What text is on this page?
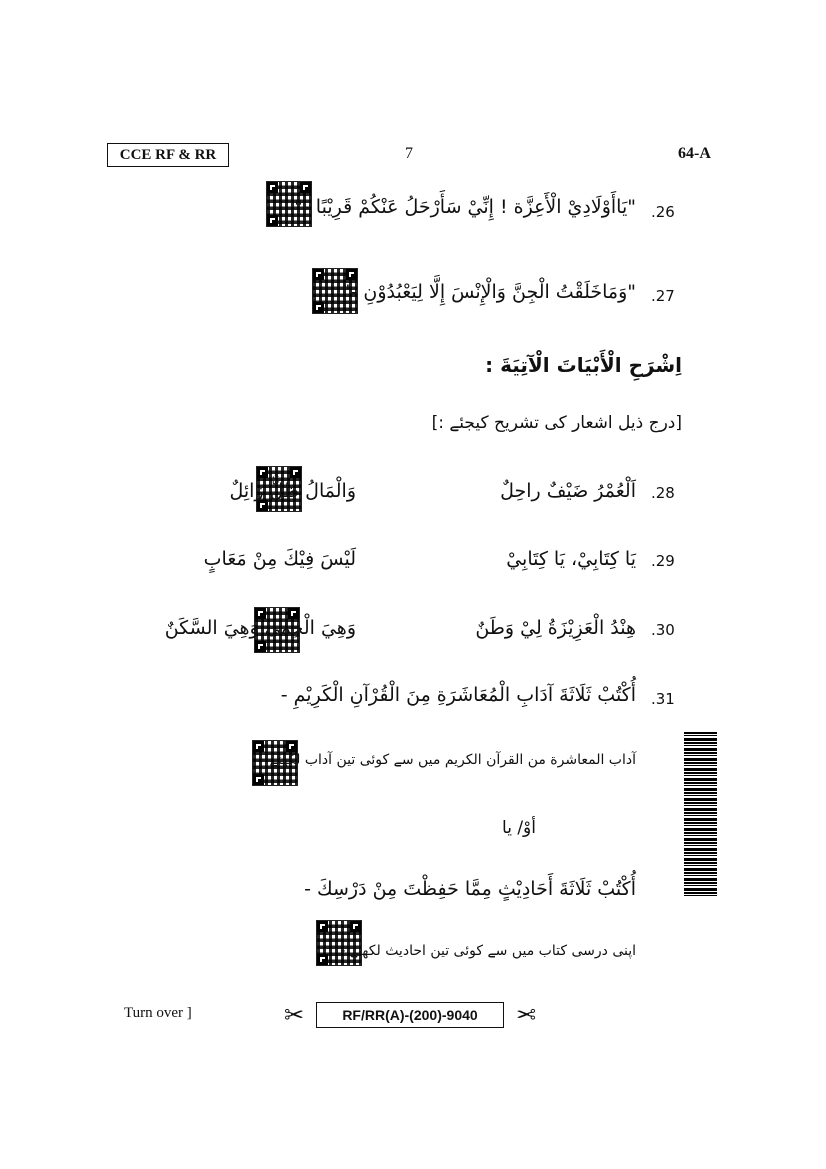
CCE RF & RR	7	64-A
"يَاأَوْلَادِيْ الْأَعِزَّة ! إِنِّيْ سَأَرْحَلُ عَنْكُمْ قَرِيْبًا -" .26
"وَمَاخَلَقْتُ الْجِنَّ وَالْإِنْسَ إِلَّا لِيَعْبُدُوْنِ -" .27
اِشْرَحِ الْأَبْيَاتَ الْآتِيَةَ :
[درج ذیل اشعار کی تشریح کیجئے :]
اَلْعُمْرُ ضَيْفٌ راحِلٌ
وَالْمَالُ ظِلٌّ زائِلٌ	.28
يَا كِتَابِيْ، يَا كِتَابِيْ
لَيْسَ فِيْكَ مِنْ مَعَابٍ	.29
هِنْدُ الْعَزِيْزَةُ لِيْ وَطَنٌ
وَهِيَ الْحِمٰى وَهِيَ السَّكَنٌ	.30
أُكْتُبْ ثَلَاثَةَ آدَابِ الْمُعَاشَرَةِ مِنَ الْقُرْآنِ الْكَرِيْمِ - .31
آداب المعاشرة من القرآن الکریم میں سے کوئی تین آداب لکھئے -
أوْ/ یا
أُكْتُبْ ثَلَاثَةَ أَحَادِيْثٍ مِمَّا حَفِظْتَ مِنْ دَرْسِكَ -
اپنی درسی کتاب میں سے کوئی تین احادیث لکھئے -
Turn over ]	✂	RF/RR(A)-(200)-9040	✂
